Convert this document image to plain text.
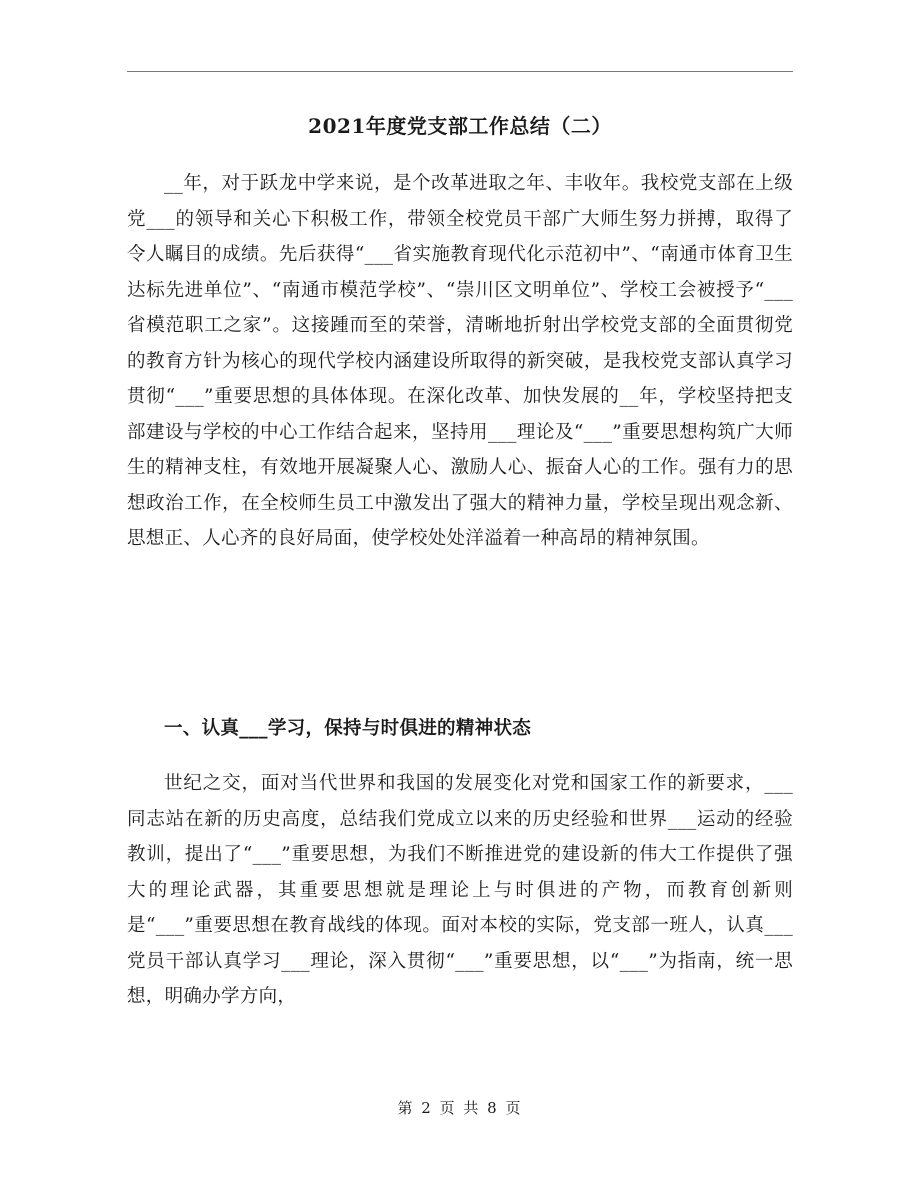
2021年度党支部工作总结（二）

__年，对于跃龙中学来说，是个改革进取之年、丰收年。我校党支部在上级党___的领导和关心下积极工作，带领全校党员干部广大师生努力拼搏，取得了令人瞩目的成绩。先后获得“___省实施教育现代化示范初中”、“南通市体育卫生达标先进单位”、“南通市模范学校”、“崇川区文明单位”、学校工会被授予“___省模范职工之家”。这接踵而至的荣誉，清晰地折射出学校党支部的全面贯彻党的教育方针为核心的现代学校内涵建设所取得的新突破，是我校党支部认真学习贯彻“___”重要思想的具体体现。在深化改革、加快发展的__年，学校坚持把支部建设与学校的中心工作结合起来，坚持用___理论及“___”重要思想构筑广大师生的精神支柱，有效地开展凝聚人心、激励人心、振奋人心的工作。强有力的思想政治工作，在全校师生员工中激发出了强大的精神力量，学校呈现出观念新、思想正、人心齐的良好局面，使学校处处洋溢着一种高昂的精神氛围。

一、认真___学习，保持与时俱进的精神状态

世纪之交，面对当代世界和我国的发展变化对党和国家工作的新要求，___同志站在新的历史高度，总结我们党成立以来的历史经验和世界___运动的经验教训，提出了“___”重要思想，为我们不断推进党的建设新的伟大工作提供了强大的理论武器，其重要思想就是理论上与时俱进的产物，而教育创新则是“___”重要思想在教育战线的体现。面对本校的实际，党支部一班人，认真___党员干部认真学习___理论，深入贯彻“___”重要思想，以“___”为指南，统一思想，明确办学方向，

第 2 页 共 8 页
